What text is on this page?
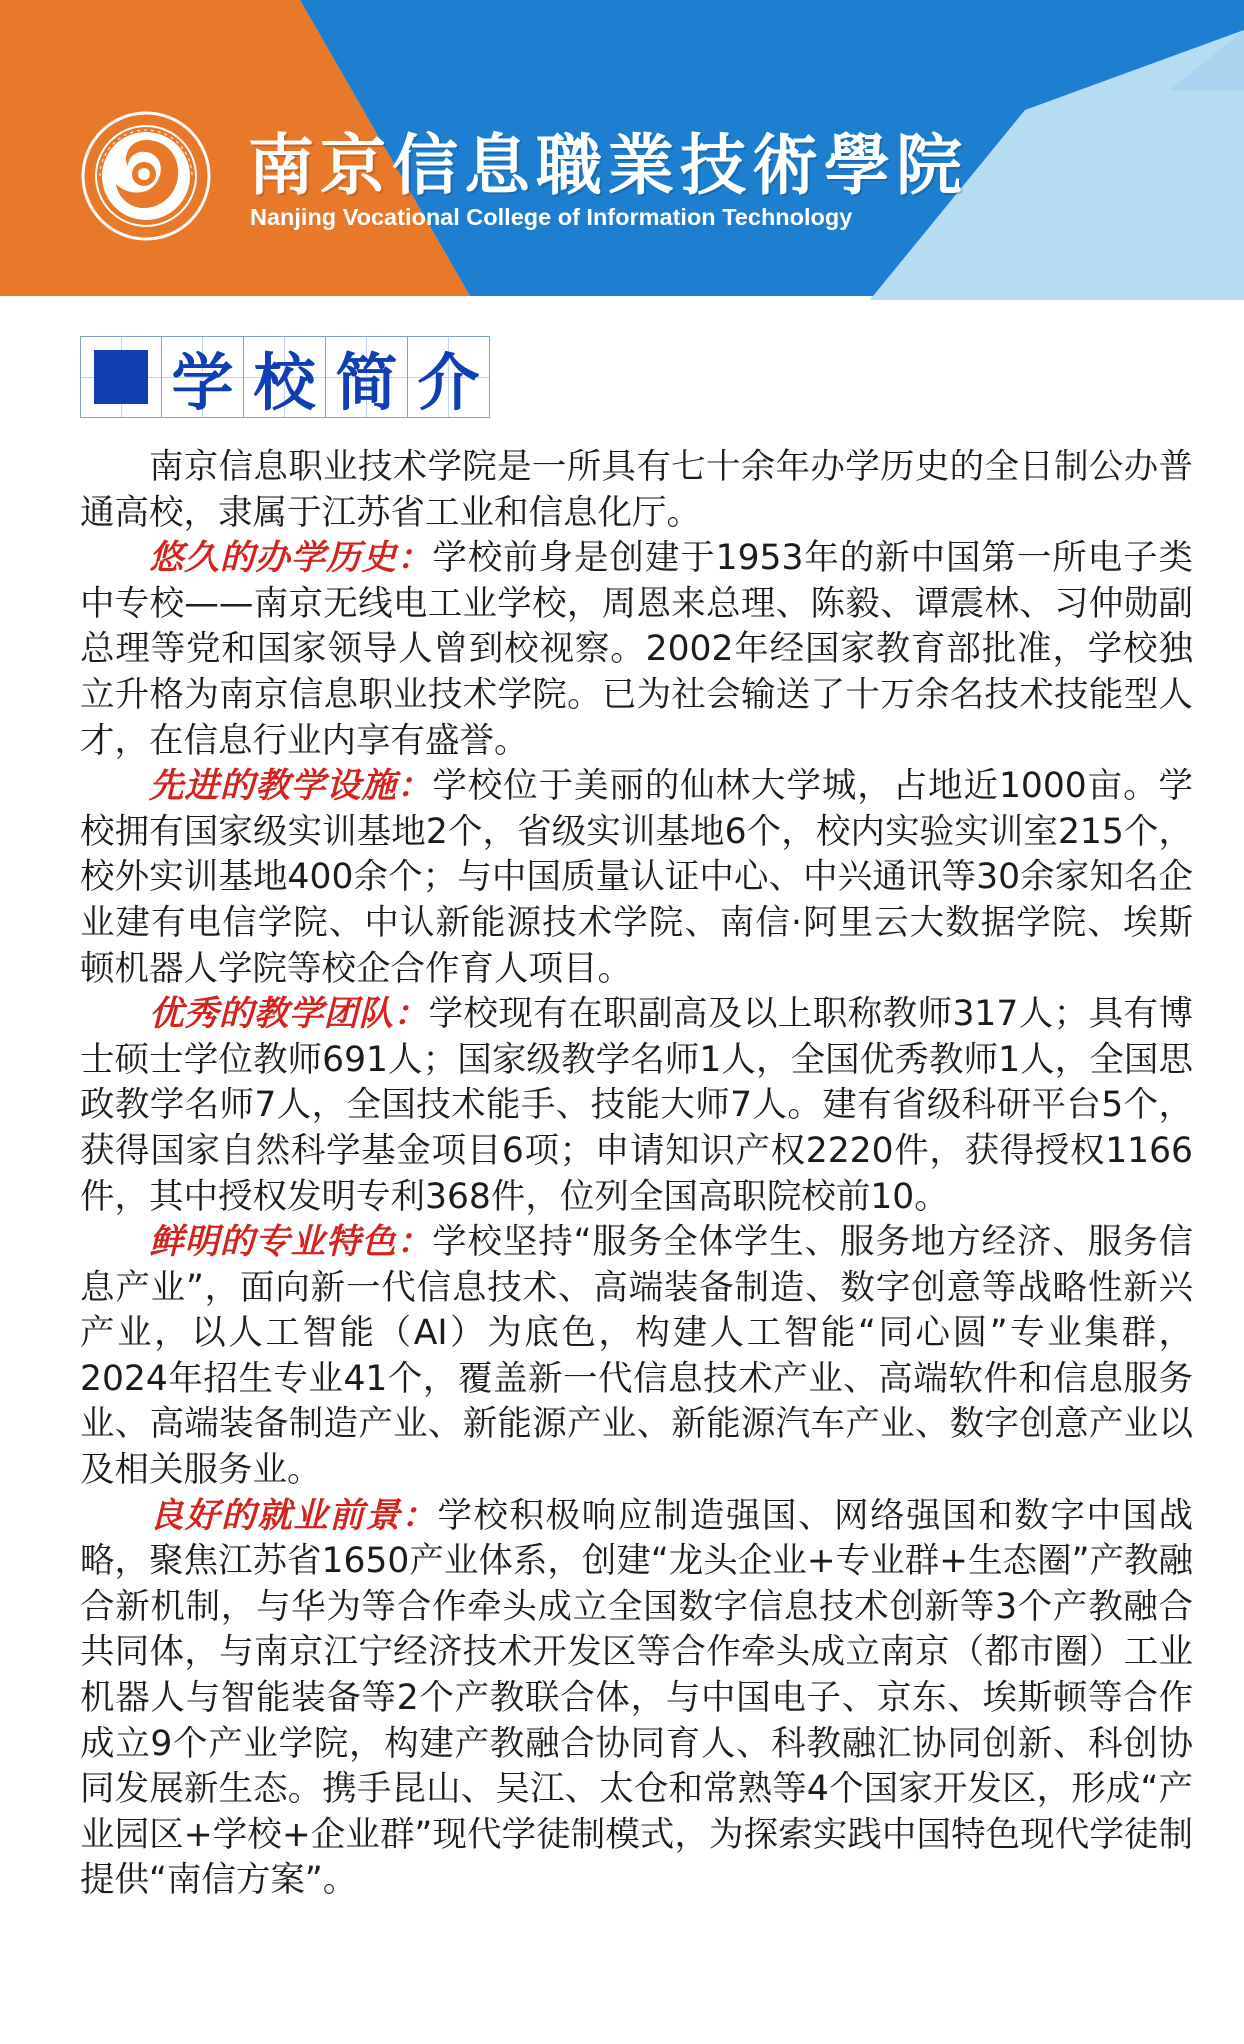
南京信息職業技術學院
Nanjing Vocational College of Information Technology
学 校 简 介

南京信息职业技术学院是一所具有七十余年办学历史的全日制公办普通高校，隶属于江苏省工业和信息化厅。

悠久的办学历史：学校前身是创建于1953年的新中国第一所电子类中专校——南京无线电工业学校，周恩来总理、陈毅、谭震林、习仲勋副总理等党和国家领导人曾到校视察。2002年经国家教育部批准，学校独立升格为南京信息职业技术学院。已为社会输送了十万余名技术技能型人才，在信息行业内享有盛誉。

先进的教学设施：学校位于美丽的仙林大学城，占地近1000亩。学校拥有国家级实训基地2个，省级实训基地6个，校内实验实训室215个，校外实训基地400余个；与中国质量认证中心、中兴通讯等30余家知名企业建有电信学院、中认新能源技术学院、南信·阿里云大数据学院、埃斯顿机器人学院等校企合作育人项目。

优秀的教学团队：学校现有在职副高及以上职称教师317人；具有博士硕士学位教师691人；国家级教学名师1人，全国优秀教师1人，全国思政教学名师7人，全国技术能手、技能大师7人。建有省级科研平台5个，获得国家自然科学基金项目6项；申请知识产权2220件，获得授权1166件，其中授权发明专利368件，位列全国高职院校前10。

鲜明的专业特色：学校坚持“服务全体学生、服务地方经济、服务信息产业”，面向新一代信息技术、高端装备制造、数字创意等战略性新兴产业，以人工智能（AI）为底色，构建人工智能“同心圆”专业集群，2024年招生专业41个，覆盖新一代信息技术产业、高端软件和信息服务业、高端装备制造产业、新能源产业、新能源汽车产业、数字创意产业以及相关服务业。

良好的就业前景：学校积极响应制造强国、网络强国和数字中国战略，聚焦江苏省1650产业体系，创建“龙头企业+专业群+生态圈”产教融合新机制，与华为等合作牵头成立全国数字信息技术创新等3个产教融合共同体，与南京江宁经济技术开发区等合作牵头成立南京（都市圈）工业机器人与智能装备等2个产教联合体，与中国电子、京东、埃斯顿等合作成立9个产业学院，构建产教融合协同育人、科教融汇协同创新、科创协同发展新生态。携手昆山、吴江、太仓和常熟等4个国家开发区，形成“产业园区+学校+企业群”现代学徒制模式，为探索实践中国特色现代学徒制提供“南信方案”。
